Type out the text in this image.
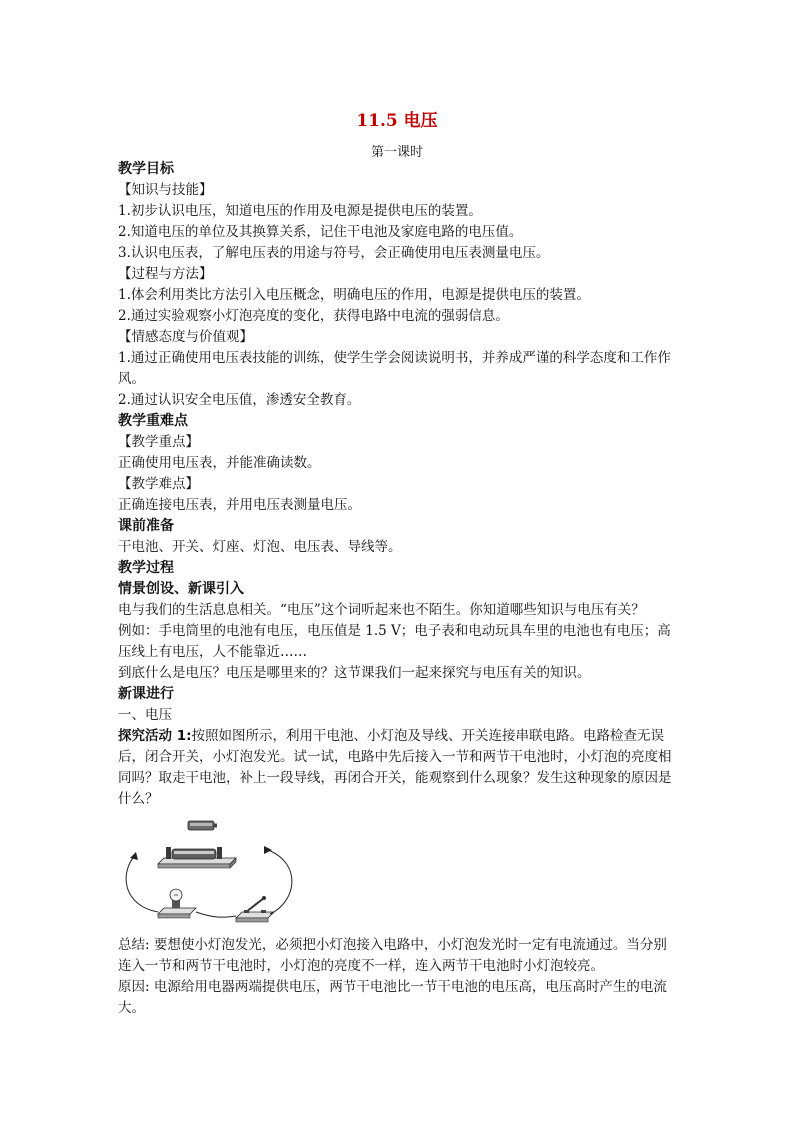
11.5 电压
第一课时

教学目标

【知识与技能】

1.初步认识电压，知道电压的作用及电源是提供电压的装置。

2.知道电压的单位及其换算关系，记住干电池及家庭电路的电压值。

3.认识电压表，了解电压表的用途与符号，会正确使用电压表测量电压。

【过程与方法】

1.体会利用类比方法引入电压概念，明确电压的作用，电源是提供电压的装置。

2.通过实验观察小灯泡亮度的变化，获得电路中电流的强弱信息。

【情感态度与价值观】

1.通过正确使用电压表技能的训练，使学生学会阅读说明书，并养成严谨的科学态度和工作作风。

2.通过认识安全电压值，渗透安全教育。

教学重难点

【教学重点】

正确使用电压表，并能准确读数。

【教学难点】

正确连接电压表，并用电压表测量电压。

课前准备

干电池、开关、灯座、灯泡、电压表、导线等。

教学过程

情景创设、新课引入

电与我们的生活息息相关。“电压”这个词听起来也不陌生。你知道哪些知识与电压有关？

例如：手电筒里的电池有电压，电压值是 1.5 V；电子表和电动玩具车里的电池也有电压；高压线上有电压，人不能靠近……

到底什么是电压？电压是哪里来的？这节课我们一起来探究与电压有关的知识。

新课进行

一、电压

探究活动 1:按照如图所示，利用干电池、小灯泡及导线、开关连接串联电路。电路检查无误后，闭合开关，小灯泡发光。试一试，电路中先后接入一节和两节干电池时，小灯泡的亮度相同吗？取走干电池，补上一段导线，再闭合开关，能观察到什么现象？发生这种现象的原因是什么？

总结: 要想使小灯泡发光，必须把小灯泡接入电路中，小灯泡发光时一定有电流通过。当分别连入一节和两节干电池时，小灯泡的亮度不一样，连入两节干电池时小灯泡较亮。

原因: 电源给用电器两端提供电压，两节干电池比一节干电池的电压高，电压高时产生的电流大。
